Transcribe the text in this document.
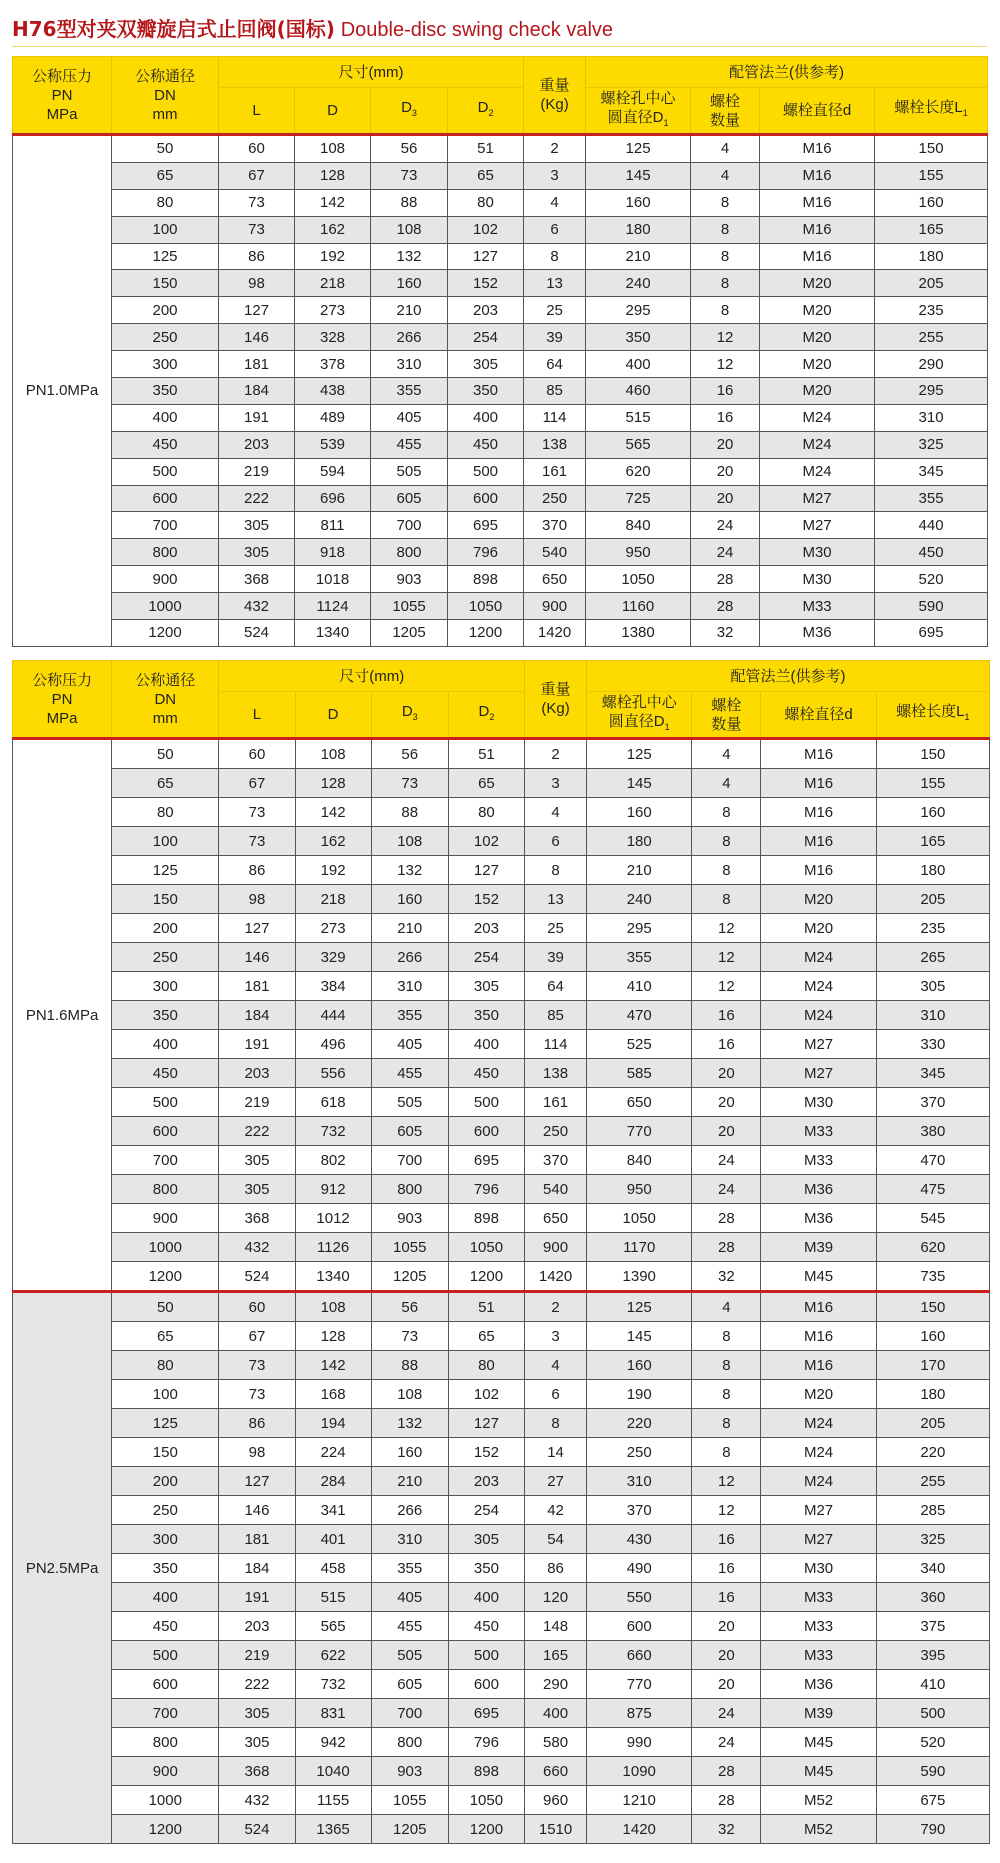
H76型对夹双瓣旋启式止回阀(国标) Double-disc swing check valve
公称压力
PN
MPa

公称通径
DN
mm
	尺寸(mm)	
重量
(Kg)
	配管法兰(供参考)
L	D	$D_3$	$D_2$	
螺栓孔中心
圆直径$D_1$

螺栓
数量
	螺栓直径d	螺栓长度$L_1$
PN1.0MPa	50	60	108	56	51	2	125	4	M16	150
	65	67	128	73	65	3	145	4	M16	155
	80	73	142	88	80	4	160	8	M16	160
	100	73	162	108	102	6	180	8	M16	165
	125	86	192	132	127	8	210	8	M16	180
	150	98	218	160	152	13	240	8	M20	205
	200	127	273	210	203	25	295	8	M20	235
	250	146	328	266	254	39	350	12	M20	255
	300	181	378	310	305	64	400	12	M20	290
	350	184	438	355	350	85	460	16	M20	295
	400	191	489	405	400	114	515	16	M24	310
	450	203	539	455	450	138	565	20	M24	325
	500	219	594	505	500	161	620	20	M24	345
	600	222	696	605	600	250	725	20	M27	355
	700	305	811	700	695	370	840	24	M27	440
	800	305	918	800	796	540	950	24	M30	450
	900	368	1018	903	898	650	1050	28	M30	520
	1000	432	1124	1055	1050	900	1160	28	M33	590
	1200	524	1340	1205	1200	1420	1380	32	M36	695
公称压力
PN
MPa

公称通径
DN
mm
	尺寸(mm)	
重量
(Kg)
	配管法兰(供参考)
L	D	$D_3$	$D_2$	
螺栓孔中心
圆直径$D_1$

螺栓
数量
	螺栓直径d	螺栓长度$L_1$
PN1.6MPa	50	60	108	56	51	2	125	4	M16	150
	65	67	128	73	65	3	145	4	M16	155
	80	73	142	88	80	4	160	8	M16	160
	100	73	162	108	102	6	180	8	M16	165
	125	86	192	132	127	8	210	8	M16	180
	150	98	218	160	152	13	240	8	M20	205
	200	127	273	210	203	25	295	12	M20	235
	250	146	329	266	254	39	355	12	M24	265
	300	181	384	310	305	64	410	12	M24	305
	350	184	444	355	350	85	470	16	M24	310
	400	191	496	405	400	114	525	16	M27	330
	450	203	556	455	450	138	585	20	M27	345
	500	219	618	505	500	161	650	20	M30	370
	600	222	732	605	600	250	770	20	M33	380
	700	305	802	700	695	370	840	24	M33	470
	800	305	912	800	796	540	950	24	M36	475
	900	368	1012	903	898	650	1050	28	M36	545
	1000	432	1126	1055	1050	900	1170	28	M39	620
	1200	524	1340	1205	1200	1420	1390	32	M45	735
PN2.5MPa	50	60	108	56	51	2	125	4	M16	150
	65	67	128	73	65	3	145	8	M16	160
	80	73	142	88	80	4	160	8	M16	170
	100	73	168	108	102	6	190	8	M20	180
	125	86	194	132	127	8	220	8	M24	205
	150	98	224	160	152	14	250	8	M24	220
	200	127	284	210	203	27	310	12	M24	255
	250	146	341	266	254	42	370	12	M27	285
	300	181	401	310	305	54	430	16	M27	325
	350	184	458	355	350	86	490	16	M30	340
	400	191	515	405	400	120	550	16	M33	360
	450	203	565	455	450	148	600	20	M33	375
	500	219	622	505	500	165	660	20	M33	395
	600	222	732	605	600	290	770	20	M36	410
	700	305	831	700	695	400	875	24	M39	500
	800	305	942	800	796	580	990	24	M45	520
	900	368	1040	903	898	660	1090	28	M45	590
	1000	432	1155	1055	1050	960	1210	28	M52	675
	1200	524	1365	1205	1200	1510	1420	32	M52	790
